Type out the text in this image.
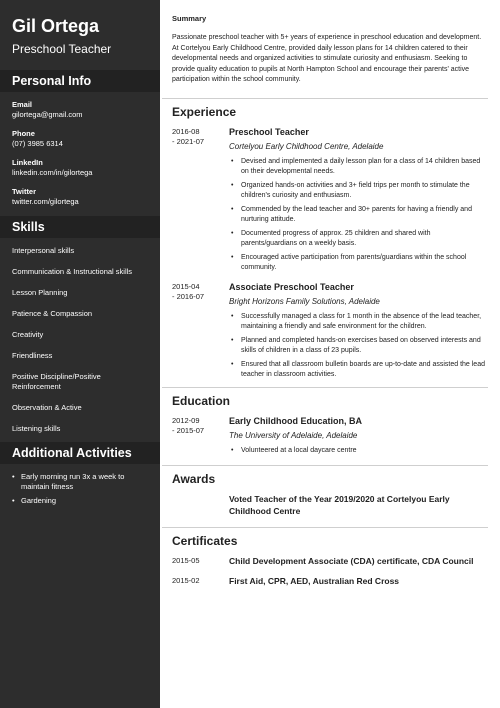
Gil Ortega
Preschool Teacher
Personal Info
Email
gilortega@gmail.com
Phone
(07) 3985 6314
LinkedIn
linkedin.com/in/gilortega
Twitter
twitter.com/gilortega
Skills
Interpersonal skills
Communication & Instructional skills
Lesson Planning
Patience & Compassion
Creativity
Friendliness
Positive Discipline/Positive Reinforcement
Observation & Active
Listening skills
Additional Activities
• Early morning run 3x a week to maintain fitness
• Gardening
Summary
Passionate preschool teacher with 5+ years of experience in preschool education and development. At Cortelyou Early Childhood Centre, provided daily lesson plans for 14 children catered to their developmental needs and organized activities to stimulate curiosity and enthusiasm. Seeking to provide quality education to pupils at North Hampton School and encourage their parents' active participation within the school community.
Experience
2016-08
- 2021-07
Preschool Teacher
Cortelyou Early Childhood Centre, Adelaide
• Devised and implemented a daily lesson plan for a class of 14 children based on their developmental needs.
• Organized hands-on activities and 3+ field trips per month to stimulate the children's curiosity and enthusiasm.
• Commended by the lead teacher and 30+ parents for having a friendly and nurturing attitude.
• Documented progress of approx. 25 children and shared with parents/guardians on a weekly basis.
• Encouraged active participation from parents/guardians within the school community.
2015-04
- 2016-07
Associate Preschool Teacher
Bright Horizons Family Solutions, Adelaide
• Successfully managed a class for 1 month in the absence of the lead teacher, maintaining a friendly and safe environment for the children.
• Planned and completed hands-on exercises based on observed interests and skills of children in a class of 23 pupils.
• Ensured that all classroom bulletin boards are up-to-date and assisted the lead teacher in classroom activities.
Education
2012-09
- 2015-07
Early Childhood Education, BA
The University of Adelaide, Adelaide
• Volunteered at a local daycare centre
Awards
Voted Teacher of the Year 2019/2020 at Cortelyou Early Childhood Centre
Certificates
2015-05	Child Development Associate (CDA) certificate, CDA Council
2015-02	First Aid, CPR, AED, Australian Red Cross
